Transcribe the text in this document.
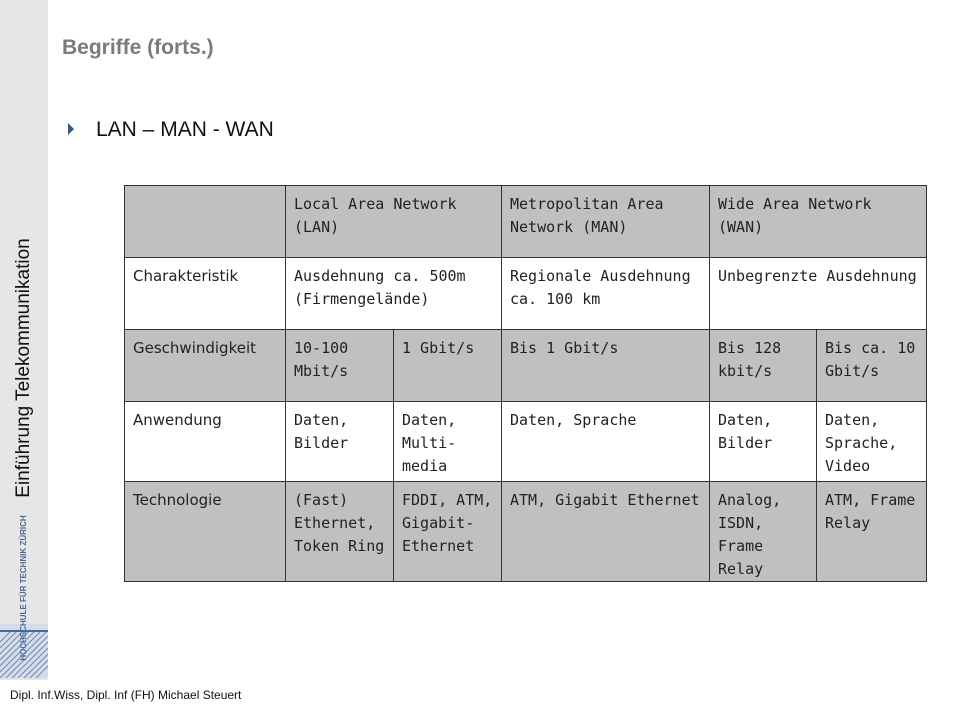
Einführung Telekommunikation
HOCHSCHULE FÜR TECHNIK ZÜRICH
Begriffe (forts.)
LAN – MAN - WAN
	Local Area Network (LAN)		Metropolitan Area Network (MAN)	Wide Area Network (WAN)	
Charakteristik	Ausdehnung ca. 500m (Firmengelände)		Regionale Ausdehnung ca. 100 km	Unbegrenzte Ausdehnung	
Geschwindigkeit	10-100 Mbit/s	1 Gbit/s	Bis 1 Gbit/s	Bis 128 kbit/s	Bis ca. 10 Gbit/s
Anwendung	Daten, Bilder	Daten, Multi-media	Daten, Sprache	Daten, Bilder	Daten, Sprache, Video
Technologie	(Fast) Ethernet, Token Ring	FDDI, ATM, Gigabit-Ethernet	ATM, Gigabit Ethernet	Analog, ISDN, Frame Relay	ATM, Frame Relay
Dipl. Inf.Wiss, Dipl. Inf (FH) Michael Steuert
